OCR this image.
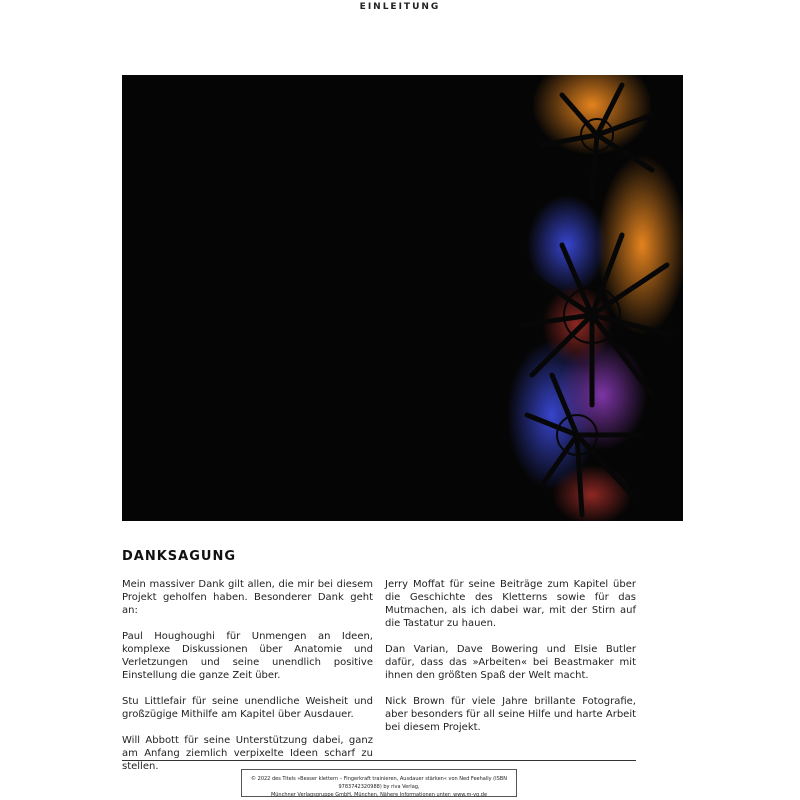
EINLEITUNG
DANKSAGUNG

Mein massiver Dank gilt allen, die mir bei diesem Projekt geholfen haben. Besonderer Dank geht an:

Paul Houghoughi für Unmengen an Ideen, komplexe Diskussionen über Anatomie und Verletzungen und seine unendlich positive Einstellung die ganze Zeit über.

Stu Littlefair für seine unendliche Weisheit und großzügige Mithilfe am Kapitel über Ausdauer.

Will Abbott für seine Unterstützung dabei, ganz am Anfang ziemlich verpixelte Ideen scharf zu stellen.

Jerry Moffat für seine Beiträge zum Kapitel über die Geschichte des Kletterns sowie für das Mutmachen, als ich dabei war, mit der Stirn auf die Tastatur zu hauen.

Dan Varian, Dave Bowering und Elsie Butler dafür, dass das »Arbeiten« bei Beastmaker mit ihnen den größten Spaß der Welt macht.

Nick Brown für viele Jahre brillante Fotografie, aber besonders für all seine Hilfe und harte Arbeit bei diesem Projekt.

© 2022 des Titels »Besser klettern – Fingerkraft trainieren, Ausdauer stärken« von Ned Feehally (ISBN 9783742320988) by riva Verlag,
Münchner Verlagsgruppe GmbH, München. Nähere Informationen unter: www.m-vg.de
